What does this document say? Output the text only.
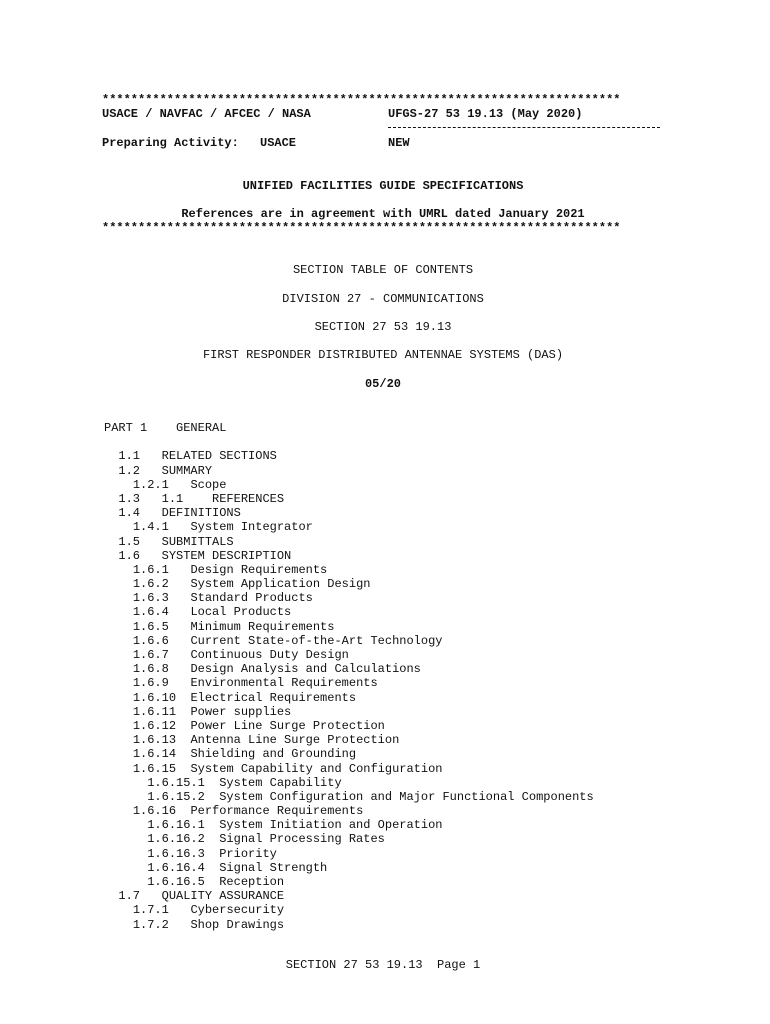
************************************************************************
USACE / NAVFAC / AFCEC / NASA	UFGS-27 53 19.13 (May 2020)
Preparing Activity: USACE	NEW
UNIFIED FACILITIES GUIDE SPECIFICATIONS
References are in agreement with UMRL dated January 2021
************************************************************************
SECTION TABLE OF CONTENTS
DIVISION 27 - COMMUNICATIONS
SECTION 27 53 19.13
FIRST RESPONDER DISTRIBUTED ANTENNAE SYSTEMS (DAS)
05/20
PART 1 GENERAL
1.1 RELATED SECTIONS
1.2 SUMMARY
1.2.1 Scope
1.3 1.1    REFERENCES
1.4 DEFINITIONS
1.4.1 System Integrator
1.5 SUBMITTALS
1.6 SYSTEM DESCRIPTION
1.6.1 Design Requirements
1.6.2 System Application Design
1.6.3 Standard Products
1.6.4 Local Products
1.6.5 Minimum Requirements
1.6.6 Current State-of-the-Art Technology
1.6.7 Continuous Duty Design
1.6.8 Design Analysis and Calculations
1.6.9 Environmental Requirements
1.6.10 Electrical Requirements
1.6.11 Power supplies
1.6.12 Power Line Surge Protection
1.6.13 Antenna Line Surge Protection
1.6.14 Shielding and Grounding
1.6.15 System Capability and Configuration
1.6.15.1 System Capability
1.6.15.2 System Configuration and Major Functional Components
1.6.16 Performance Requirements
1.6.16.1 System Initiation and Operation
1.6.16.2 Signal Processing Rates
1.6.16.3 Priority
1.6.16.4 Signal Strength
1.6.16.5 Reception
1.7 QUALITY ASSURANCE
1.7.1 Cybersecurity
1.7.2 Shop Drawings
SECTION 27 53 19.13  Page 1
